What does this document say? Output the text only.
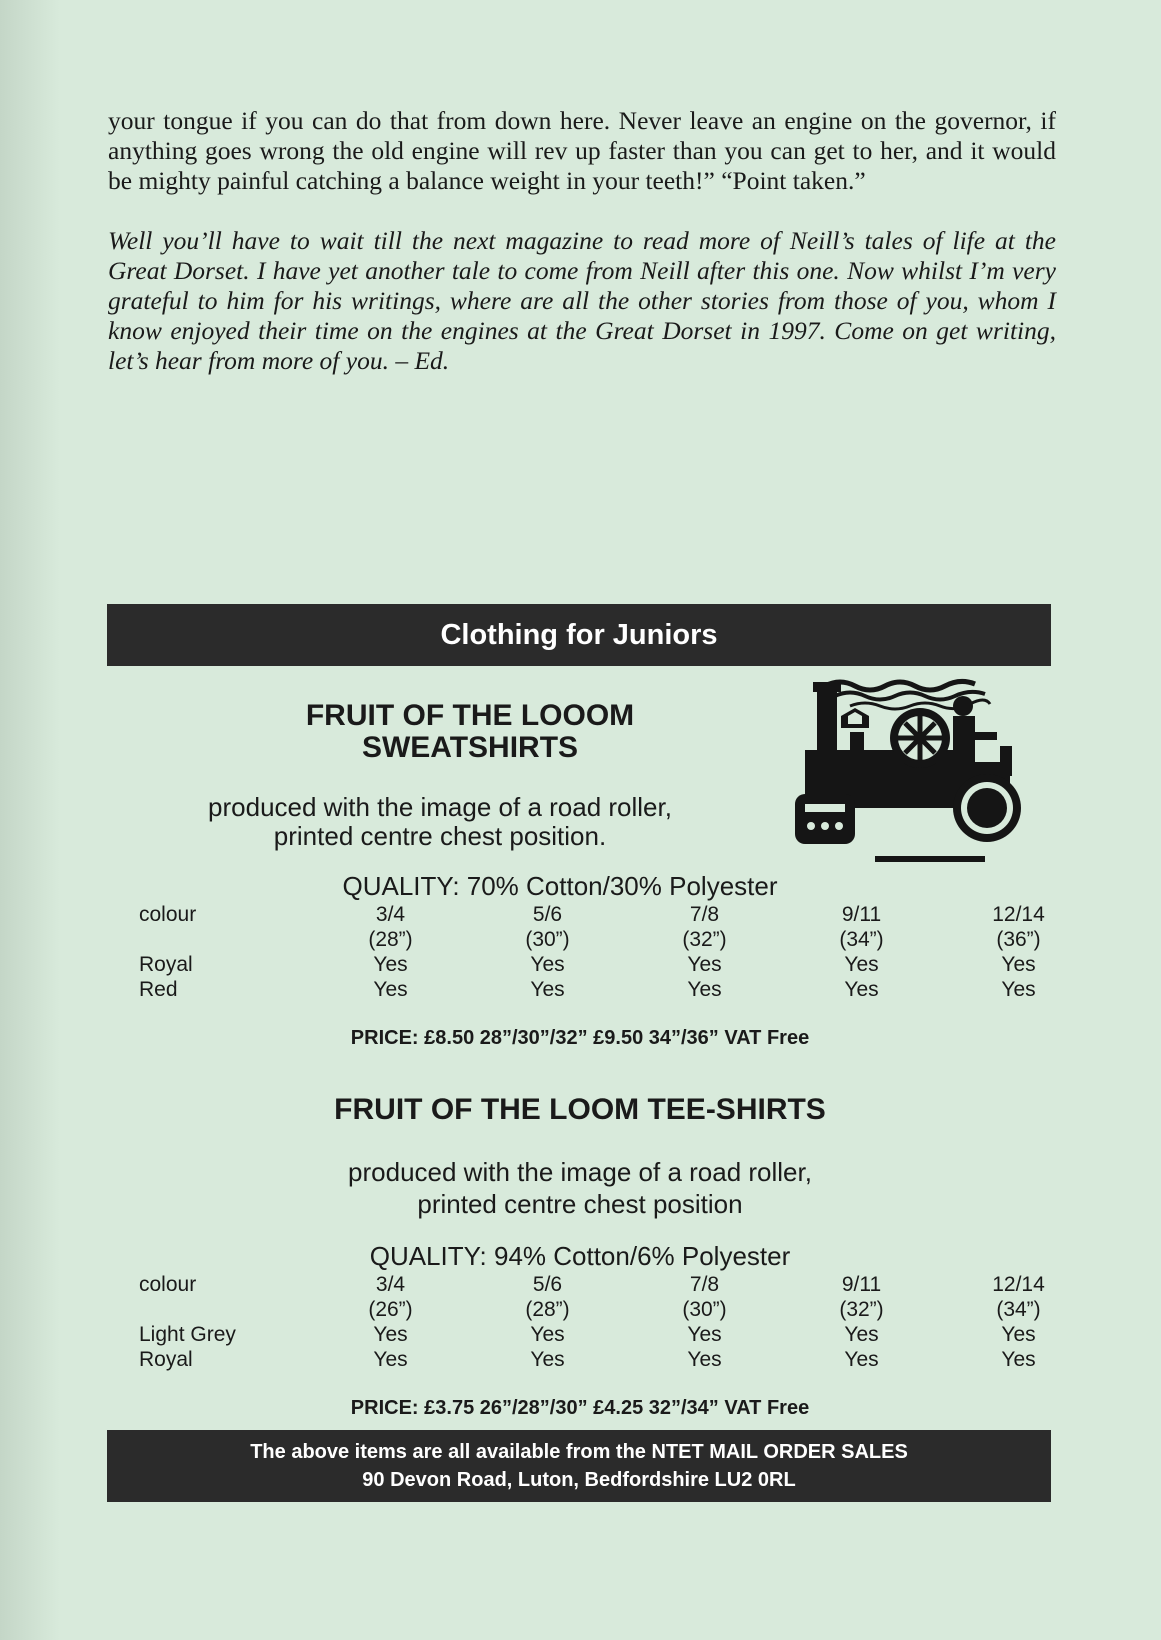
your tongue if you can do that from down here. Never leave an engine on the governor, if anything goes wrong the old engine will rev up faster than you can get to her, and it would be mighty painful catching a balance weight in your teeth!” “Point taken.”

Well you’ll have to wait till the next magazine to read more of Neill’s tales of life at the Great Dorset. I have yet another tale to come from Neill after this one. Now whilst I’m very grateful to him for his writings, where are all the other stories from those of you, whom I know enjoyed their time on the engines at the Great Dorset in 1997. Come on get writing, let’s hear from more of you. – Ed.

Clothing for Juniors
FRUIT OF THE LOOOM
SWEATSHIRTS
produced with the image of a road roller,
printed centre chest position.
QUALITY: 70% Cotton/30% Polyester
colour	3/4	5/6	7/8	9/11	12/14
	(28”)	(30”)	(32”)	(34”)	(36”)
Royal	Yes	Yes	Yes	Yes	Yes
Red	Yes	Yes	Yes	Yes	Yes
PRICE: £8.50 28”/30”/32” £9.50 34”/36” VAT Free
FRUIT OF THE LOOM TEE-SHIRTS
produced with the image of a road roller,
printed centre chest position
QUALITY: 94% Cotton/6% Polyester
colour	3/4	5/6	7/8	9/11	12/14
	(26”)	(28”)	(30”)	(32”)	(34”)
Light Grey	Yes	Yes	Yes	Yes	Yes
Royal	Yes	Yes	Yes	Yes	Yes
PRICE: £3.75 26”/28”/30” £4.25 32”/34” VAT Free
The above items are all available from the NTET MAIL ORDER SALES
90 Devon Road, Luton, Bedfordshire LU2 0RL
